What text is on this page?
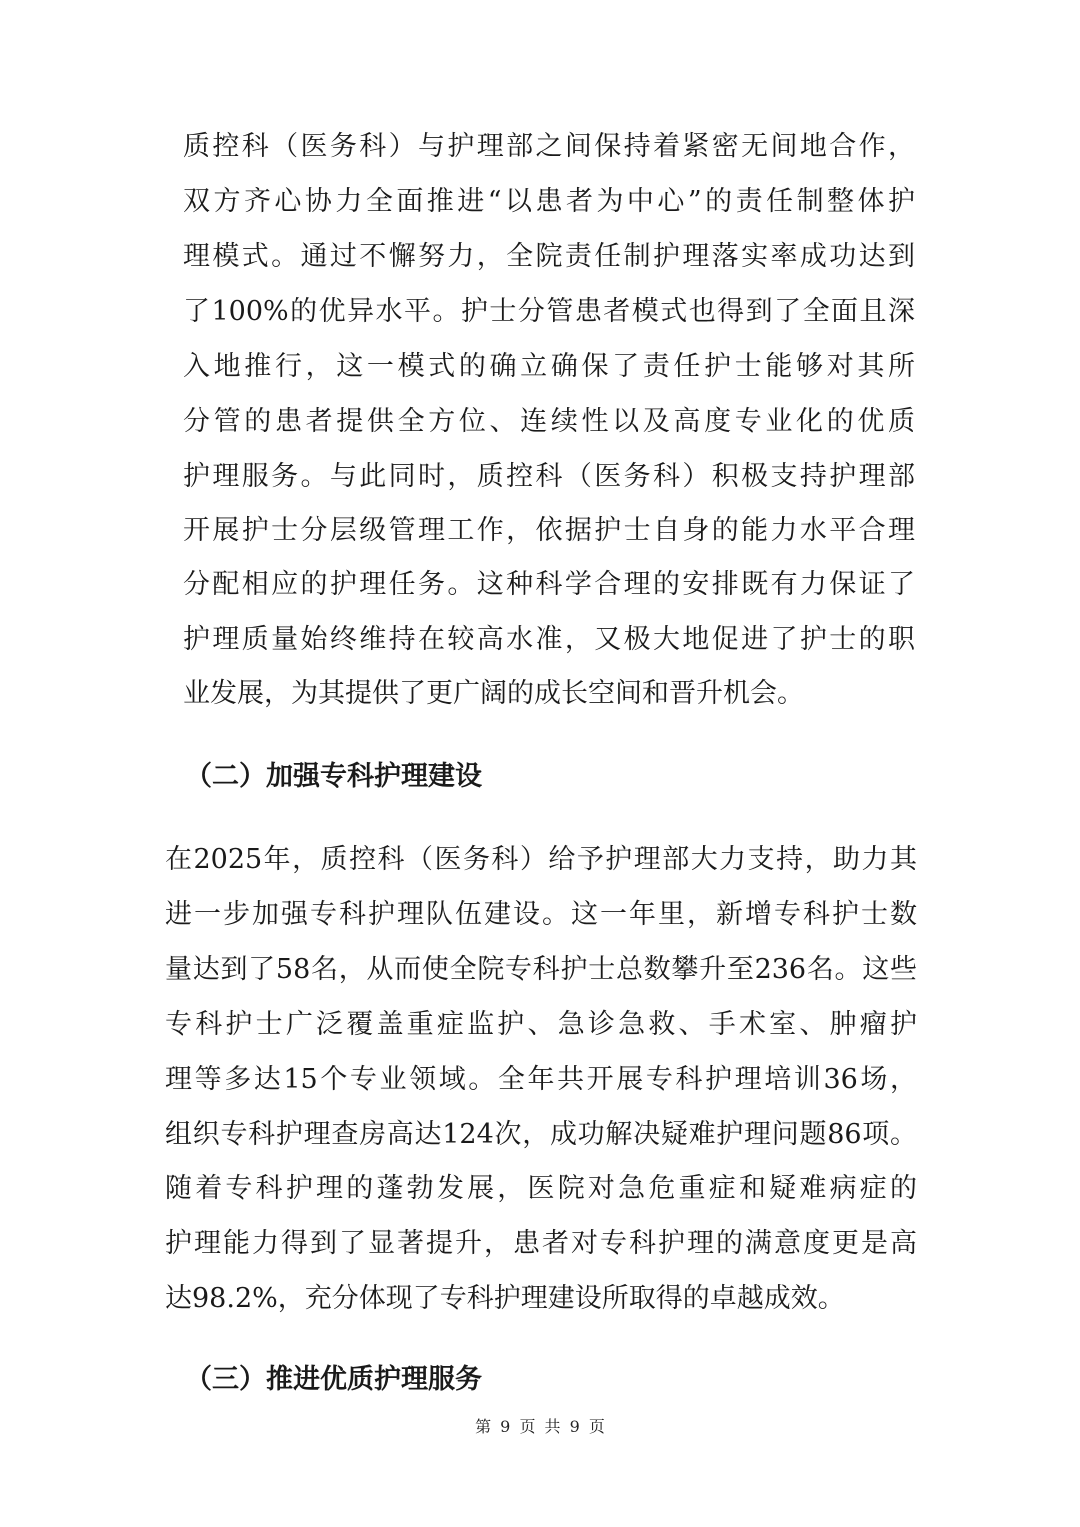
质控科（医务科）与护理部之间保持着紧密无间地合作，
双方齐心协力全面推进“以患者为中心”的责任制整体护
理模式。通过不懈努力，全院责任制护理落实率成功达到
了100%的优异水平。护士分管患者模式也得到了全面且深
入地推行，这一模式的确立确保了责任护士能够对其所
分管的患者提供全方位、连续性以及高度专业化的优质
护理服务。与此同时，质控科（医务科）积极支持护理部
开展护士分层级管理工作，依据护士自身的能力水平合理
分配相应的护理任务。这种科学合理的安排既有力保证了
护理质量始终维持在较高水准，又极大地促进了护士的职
业发展，为其提供了更广阔的成长空间和晋升机会。
（二）加强专科护理建设
在2025年，质控科（医务科）给予护理部大力支持，助力其
进一步加强专科护理队伍建设。这一年里，新增专科护士数
量达到了58名，从而使全院专科护士总数攀升至236名。这些
专科护士广泛覆盖重症监护、急诊急救、手术室、肿瘤护
理等多达15个专业领域。全年共开展专科护理培训36场，
组织专科护理查房高达124次，成功解决疑难护理问题86项。
随着专科护理的蓬勃发展，医院对急危重症和疑难病症的
护理能力得到了显著提升，患者对专科护理的满意度更是高
达98.2%，充分体现了专科护理建设所取得的卓越成效。
（三）推进优质护理服务
第 9 页 共 9 页
